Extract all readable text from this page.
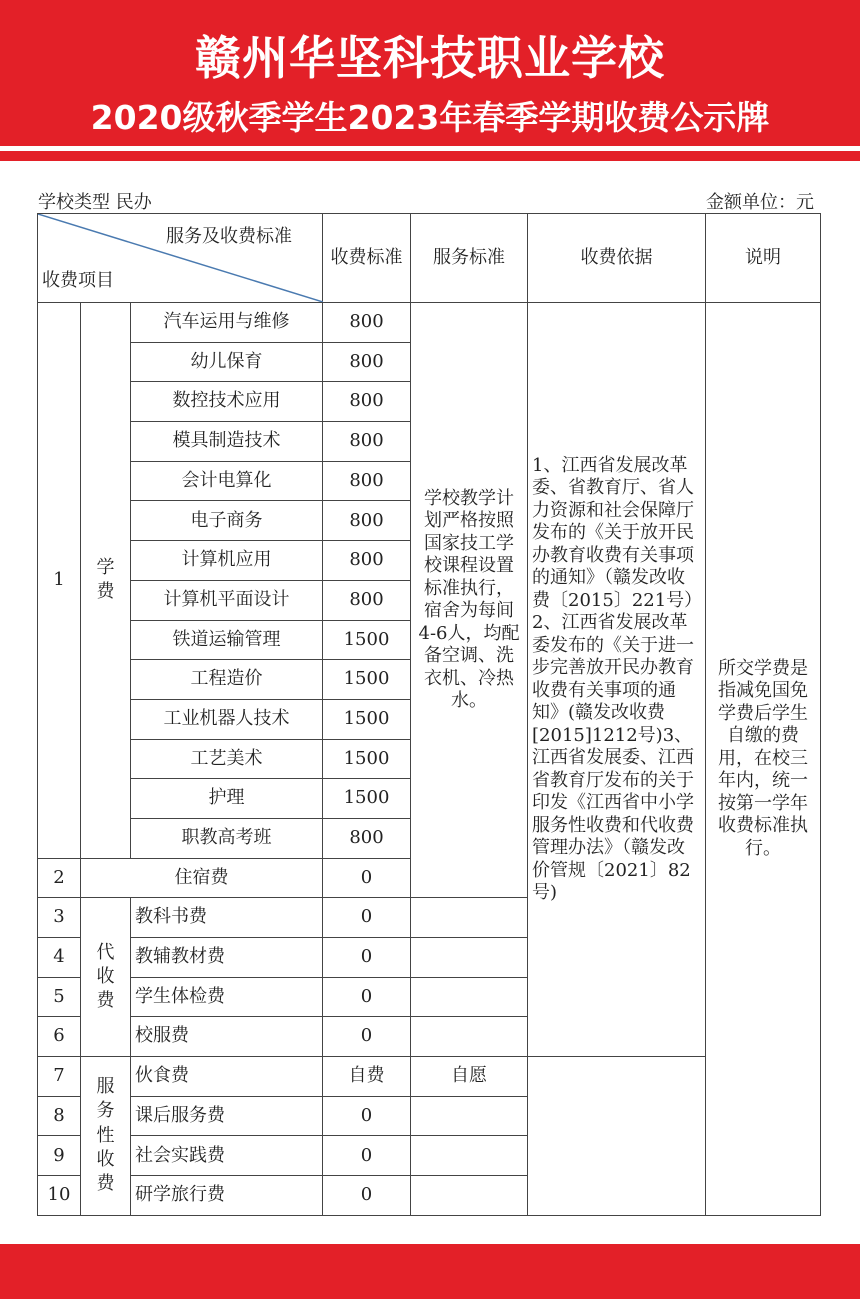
赣州华坚科技职业学校
2020级秋季学生2023年春季学期收费公示牌
学校类型 民办	金额单位：元
服务及收费标准
收费项目			收费标准	服务标准	收费依据	说明
1	学费	汽车运用与维修	800	学校教学计划严格按照国家技工学校课程设置标准执行，宿舍为每间4-6人，均配备空调、洗衣机、冷热水。	1、江西省发展改革委、省教育厅、省人力资源和社会保障厅发布的《关于放开民办教育收费有关事项的通知》（赣发改收费〔2015〕221号）2、江西省发展改革委发布的《关于进一步完善放开民办教育收费有关事项的通知》(赣发改收费[2015]1212号)3、江西省发展委、江西省教育厅发布的关于印发《江西省中小学服务性收费和代收费管理办法》（赣发改价管规〔2021〕82号)	所交学费是指减免国免学费后学生自缴的费用，在校三年内，统一按第一学年收费标准执行。

		幼儿保育	800			
		数控技术应用	800			
		模具制造技术	800			
		会计电算化	800			
		电子商务	800			
		计算机应用	800			
		计算机平面设计	800			
		铁道运输管理	1500			
		工程造价	1500			
		工业机器人技术	1500			
		工艺美术	1500			
		护理	1500			
		职教高考班	800			
2	住宿费		0			
3	代收费	教科书费	0			
4		教辅教材费	0			
5		学生体检费	0			
6		校服费	0			
7	服务性收费	伙食费	自费	自愿		
8		课后服务费	0			
9		社会实践费	0			
10		研学旅行费	0			
